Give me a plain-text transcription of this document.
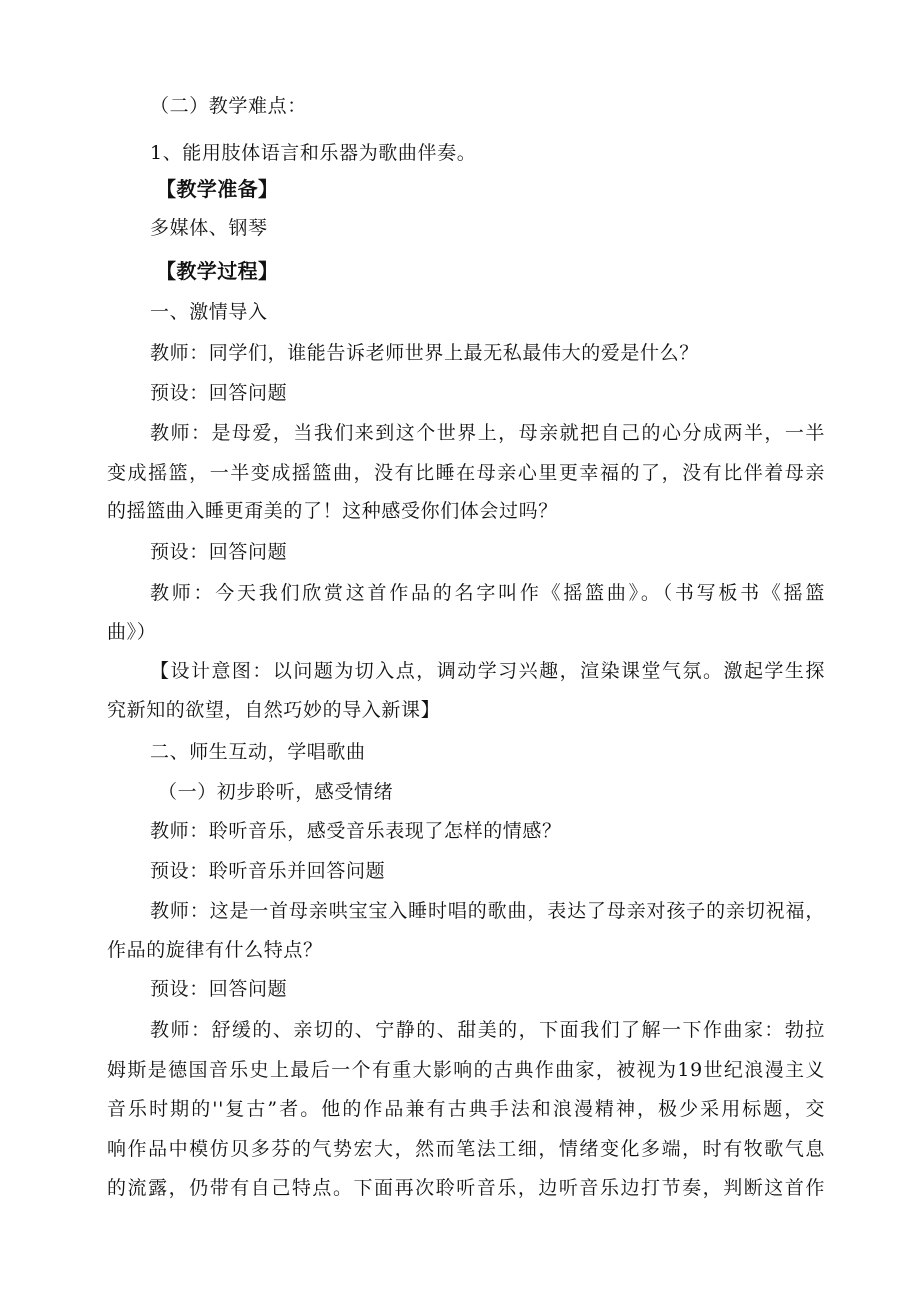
（二）教学难点：
1、能用肢体语言和乐器为歌曲伴奏。
【教学准备】
多媒体、钢琴
【教学过程】
一、激情导入
教师：同学们，谁能告诉老师世界上最无私最伟大的爱是什么？
预设：回答问题
教师：是母爱，当我们来到这个世界上，母亲就把自己的心分成两半，一半
变成摇篮，一半变成摇篮曲，没有比睡在母亲心里更幸福的了，没有比伴着母亲
的摇篮曲入睡更甭美的了！这种感受你们体会过吗？
预设：回答问题
教师：今天我们欣赏这首作品的名字叫作《摇篮曲》。（书写板书《摇篮
曲》）
【设计意图：以问题为切入点，调动学习兴趣，渲染课堂气氛。激起学生探
究新知的欲望，自然巧妙的导入新课】
二、师生互动，学唱歌曲
（一）初步聆听，感受情绪
教师：聆听音乐，感受音乐表现了怎样的情感？
预设：聆听音乐并回答问题
教师：这是一首母亲哄宝宝入睡时唱的歌曲，表达了母亲对孩子的亲切祝福，
作品的旋律有什么特点？
预设：回答问题
教师：舒缓的、亲切的、宁静的、甜美的，下面我们了解一下作曲家：勃拉
姆斯是德国音乐史上最后一个有重大影响的古典作曲家，被视为19世纪浪漫主义
音乐时期的''复古”者。他的作品兼有古典手法和浪漫精神，极少采用标题，交
响作品中模仿贝多芬的气势宏大，然而笔法工细，情绪变化多端，时有牧歌气息
的流露，仍带有自己特点。下面再次聆听音乐，边听音乐边打节奏，判断这首作
